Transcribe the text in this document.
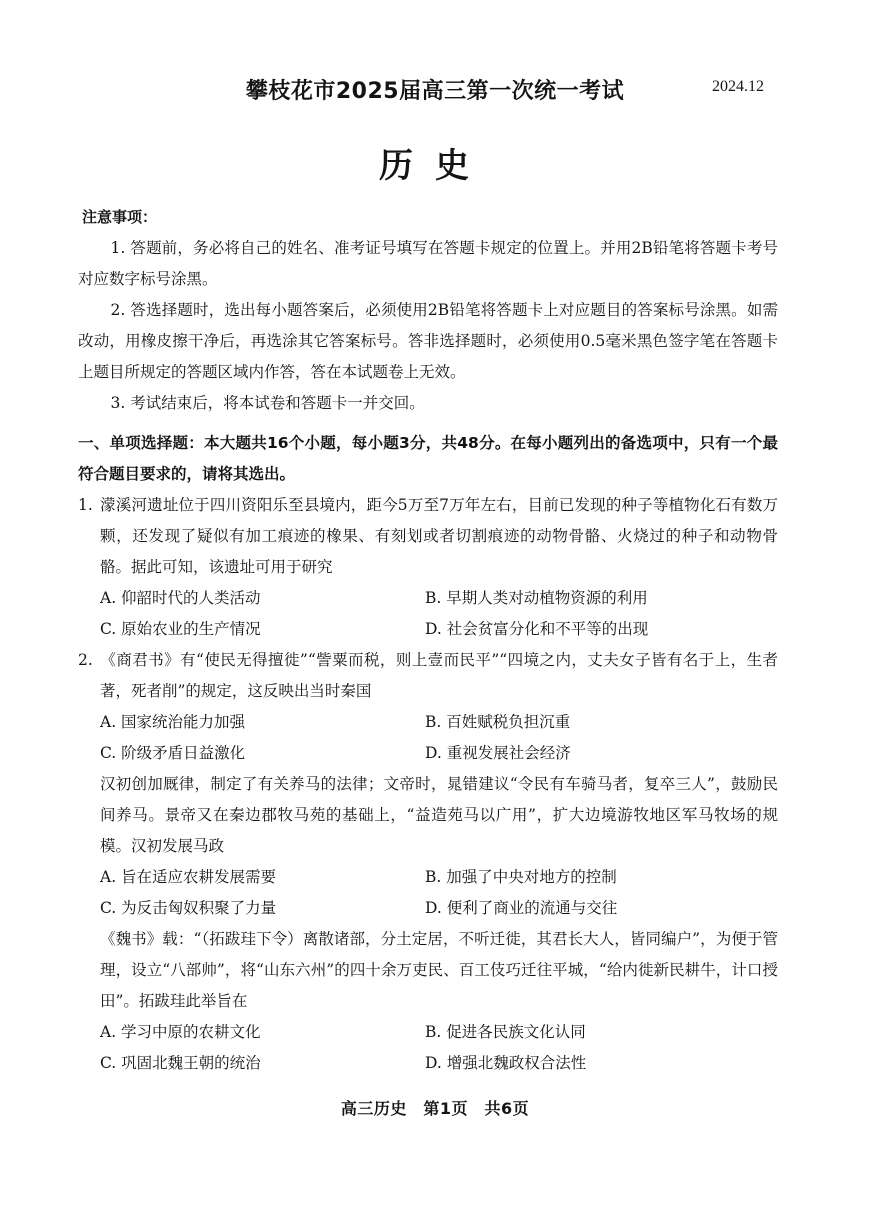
攀枝花市2025届高三第一次统一考试	2024.12
历史
注意事项：
1. 答题前，务必将自己的姓名、准考证号填写在答题卡规定的位置上。并用2B铅笔将答题卡考号对应数字标号涂黑。
2. 答选择题时，选出每小题答案后，必须使用2B铅笔将答题卡上对应题目的答案标号涂黑。如需改动，用橡皮擦干净后，再选涂其它答案标号。答非选择题时，必须使用0.5毫米黑色签字笔在答题卡上题目所规定的答题区域内作答，答在本试题卷上无效。
3. 考试结束后，将本试卷和答题卡一并交回。
一、单项选择题：本大题共16个小题，每小题3分，共48分。在每小题列出的备选项中，只有一个最符合题目要求的，请将其选出。
1. 濛溪河遗址位于四川资阳乐至县境内，距今5万至7万年左右，目前已发现的种子等植物化石有数万颗，还发现了疑似有加工痕迹的橡果、有刻划或者切割痕迹的动物骨骼、火烧过的种子和动物骨骼。据此可知，该遗址可用于研究
A. 仰韶时代的人类活动	B. 早期人类对动植物资源的利用
C. 原始农业的生产情况	D. 社会贫富分化和不平等的出现
2. 《商君书》有“使民无得擅徙”“訾粟而税，则上壹而民平”“四境之内，丈夫女子皆有名于上，生者著，死者削”的规定，这反映出当时秦国
A. 国家统治能力加强	B. 百姓赋税负担沉重
C. 阶级矛盾日益激化	D. 重视发展社会经济
汉初创加厩律，制定了有关养马的法律；文帝时，晁错建议“令民有车骑马者，复卒三人”，鼓励民间养马。景帝又在秦边郡牧马苑的基础上，“益造苑马以广用”，扩大边境游牧地区军马牧场的规模。汉初发展马政
A. 旨在适应农耕发展需要	B. 加强了中央对地方的控制
C. 为反击匈奴积聚了力量	D. 便利了商业的流通与交往
《魏书》载：“（拓跋珪下令）离散诸部，分土定居，不听迁徙，其君长大人，皆同编户”，为便于管理，设立“八部帅”，将“山东六州”的四十余万吏民、百工伎巧迁往平城，“给内徙新民耕牛，计口授田”。拓跋珪此举旨在
A. 学习中原的农耕文化	B. 促进各民族文化认同
C. 巩固北魏王朝的统治	D. 增强北魏政权合法性
高三历史　第1页　共6页
